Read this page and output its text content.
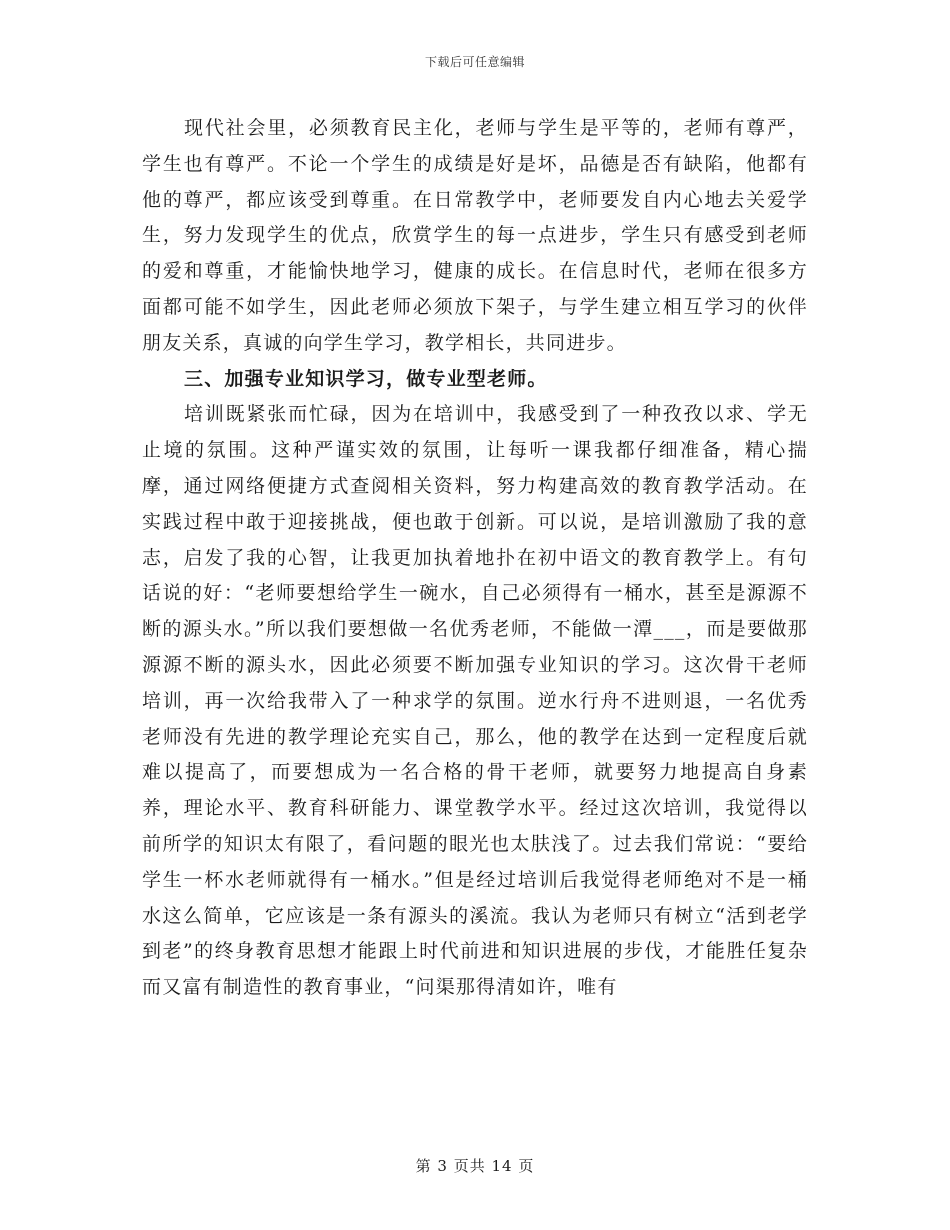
下载后可任意编辑

现代社会里，必须教育民主化，老师与学生是平等的，老师有尊严，学生也有尊严。不论一个学生的成绩是好是坏，品德是否有缺陷，他都有他的尊严，都应该受到尊重。在日常教学中，老师要发自内心地去关爱学生，努力发现学生的优点，欣赏学生的每一点进步，学生只有感受到老师的爱和尊重，才能愉快地学习，健康的成长。在信息时代，老师在很多方面都可能不如学生，因此老师必须放下架子，与学生建立相互学习的伙伴朋友关系，真诚的向学生学习，教学相长，共同进步。

三、加强专业知识学习，做专业型老师。

培训既紧张而忙碌，因为在培训中，我感受到了一种孜孜以求、学无止境的氛围。这种严谨实效的氛围，让每听一课我都仔细准备，精心揣摩，通过网络便捷方式查阅相关资料，努力构建高效的教育教学活动。在实践过程中敢于迎接挑战，便也敢于创新。可以说，是培训激励了我的意志，启发了我的心智，让我更加执着地扑在初中语文的教育教学上。有句话说的好：“老师要想给学生一碗水，自己必须得有一桶水，甚至是源源不断的源头水。”所以我们要想做一名优秀老师，不能做一潭___，而是要做那源源不断的源头水，因此必须要不断加强专业知识的学习。这次骨干老师培训，再一次给我带入了一种求学的氛围。逆水行舟不进则退，一名优秀老师没有先进的教学理论充实自己，那么，他的教学在达到一定程度后就难以提高了，而要想成为一名合格的骨干老师，就要努力地提高自身素养，理论水平、教育科研能力、课堂教学水平。经过这次培训，我觉得以前所学的知识太有限了，看问题的眼光也太肤浅了。过去我们常说：“要给学生一杯水老师就得有一桶水。”但是经过培训后我觉得老师绝对不是一桶水这么简单，它应该是一条有源头的溪流。我认为老师只有树立“活到老学到老”的终身教育思想才能跟上时代前进和知识进展的步伐，才能胜任复杂而又富有制造性的教育事业，“问渠那得清如许，唯有

第 3 页共 14 页
